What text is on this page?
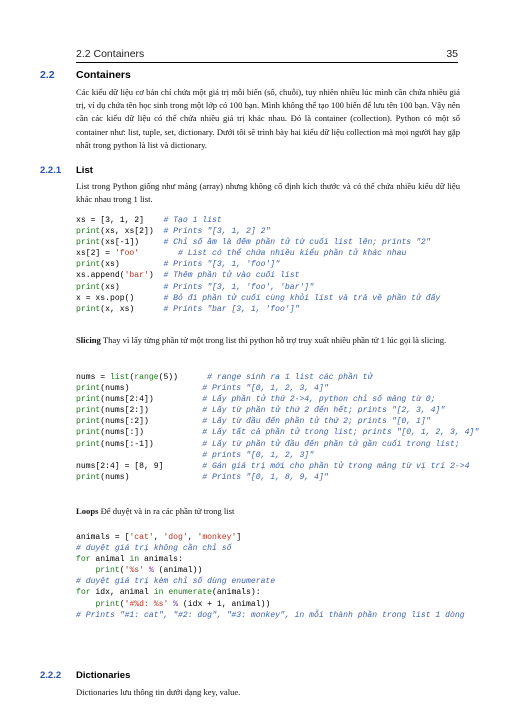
2.2 Containers	35
2.2 Containers

Các kiểu dữ liệu cơ bản chỉ chứa một giá trị mỗi biến (số, chuỗi), tuy nhiên nhiều lúc mình cần chứa nhiều giá trị, ví dụ chứa tên học sinh trong một lớp có 100 bạn. Mình không thể tạo 100 biến để lưu tên 100 bạn. Vậy nên cần các kiểu dữ liệu có thể chứa nhiều giá trị khác nhau. Đó là container (collection). Python có một số container như: list, tuple, set, dictionary. Dưới tôi sẽ trình bày hai kiểu dữ liệu collection mà mọi người hay gặp nhất trong python là list và dictionary.

2.2.1 List

List trong Python giống như mảng (array) nhưng không cố định kích thước và có thể chứa nhiều kiểu dữ liệu khác nhau trong 1 list.

xs = [3, 1, 2]    # Tạo 1 list
print(xs, xs[2])  # Prints "[3, 1, 2] 2"
print(xs[-1])     # Chỉ số âm là đếm phần tử từ cuối list lên; prints "2"
xs[2] = 'foo'	# List có thể chứa nhiều kiểu phần tử khác nhau
print(xs)         # Prints "[3, 1, 'foo']"
xs.append('bar')  # Thêm phần tử vào cuối list
print(xs)         # Prints "[3, 1, 'foo', 'bar']"
x = xs.pop()      # Bỏ đi phần tử cuối cùng khỏi list và trả về phần tử đấy
print(x, xs)      # Prints "bar [3, 1, 'foo']"

Slicing Thay vì lấy từng phần tử một trong list thì python hỗ trợ truy xuất nhiều phần tử 1 lúc gọi là slicing.

nums = list(range(5))      # range sinh ra 1 list các phần tử
print(nums)               # Prints "[0, 1, 2, 3, 4]"
print(nums[2:4])          # Lấy phần tử thứ 2->4, python chỉ số mảng từ 0;
print(nums[2:])           # Lấy từ phần tử thứ 2 đến hết; prints "[2, 3, 4]"
print(nums[:2])           # Lấy từ đầu đến phần tử thứ 2; prints "[0, 1]"
print(nums[:])            # Lấy tất cả phần tử trong list; prints "[0, 1, 2, 3, 4]"
print(nums[:-1])          # Lấy từ phần tử đầu đến phần tử gần cuối trong list;
# prints "[0, 1, 2, 3]"
nums[2:4] = [8, 9]        # Gán giá trị mới cho phần tử trong mảng từ vị trí 2->4
print(nums)               # Prints "[0, 1, 8, 9, 4]"

Loops Để duyệt và in ra các phần tử trong list

animals = ['cat', 'dog', 'monkey']
# duyệt giá trị không cần chỉ số
for animal in animals:
print('%s' % (animal))
# duyệt giá trị kèm chỉ số dùng enumerate
for idx, animal in enumerate(animals):
print('#%d: %s' % (idx + 1, animal))
# Prints "#1: cat", "#2: dog", "#3: monkey", in mỗi thành phần trong list 1 dòng
2.2.2 Dictionaries

Dictionaries lưu thông tin dưới dạng key, value.
